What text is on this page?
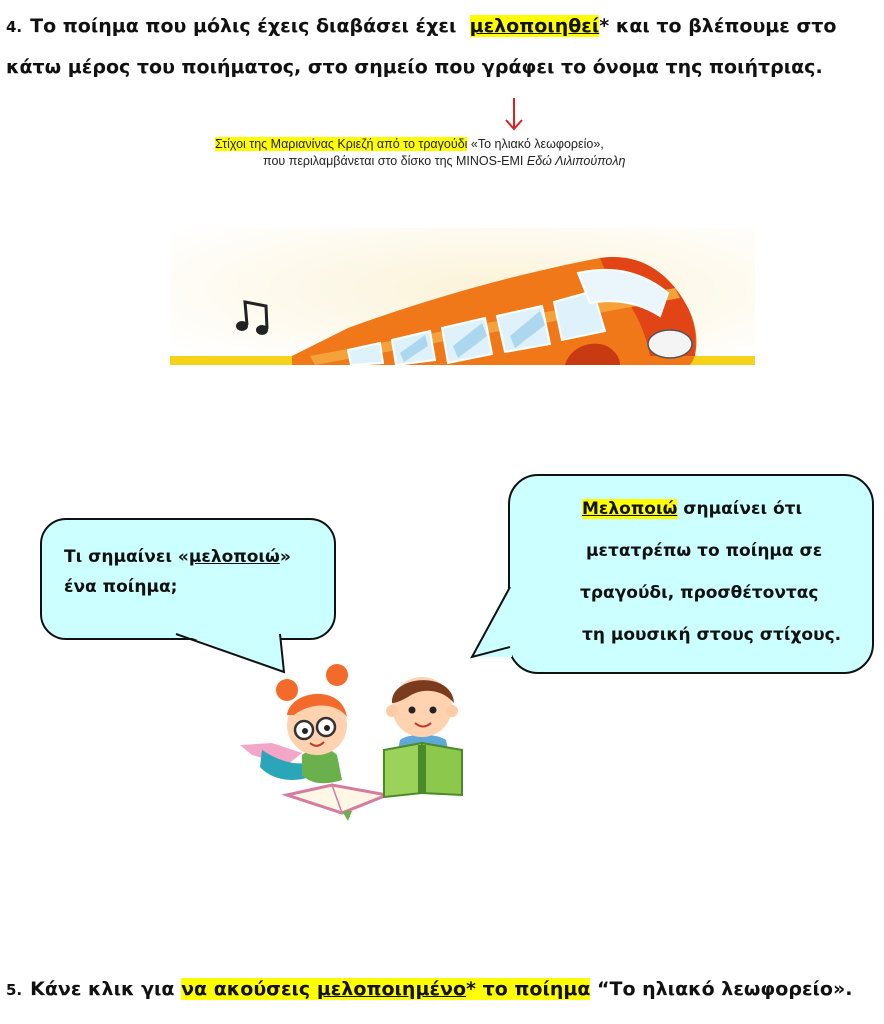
4. Το ποίημα που μόλις έχεις διαβάσει έχει μελοποιηθεί* και το βλέπουμε στο κάτω μέρος του ποιήματος, στο σημείο που γράφει το όνομα της ποιήτριας.
Στίχοι της Μαριανίνας Κριεζή από το τραγούδι «Το ηλιακό λεωφορείο»,
που περιλαμβάνεται στο δίσκο της MINOS-EMI Εδώ Λιλιπούπολη
Τι σημαίνει «μελοποιώ»
ένα ποίημα;
Μελοποιώ σημαίνει ότι
μετατρέπω το ποίημα σε
τραγούδι, προσθέτοντας
τη μουσική στους στίχους.
5. Κάνε κλικ για να ακούσεις μελοποιημένο* το ποίημα “Το ηλιακό λεωφορείο».
